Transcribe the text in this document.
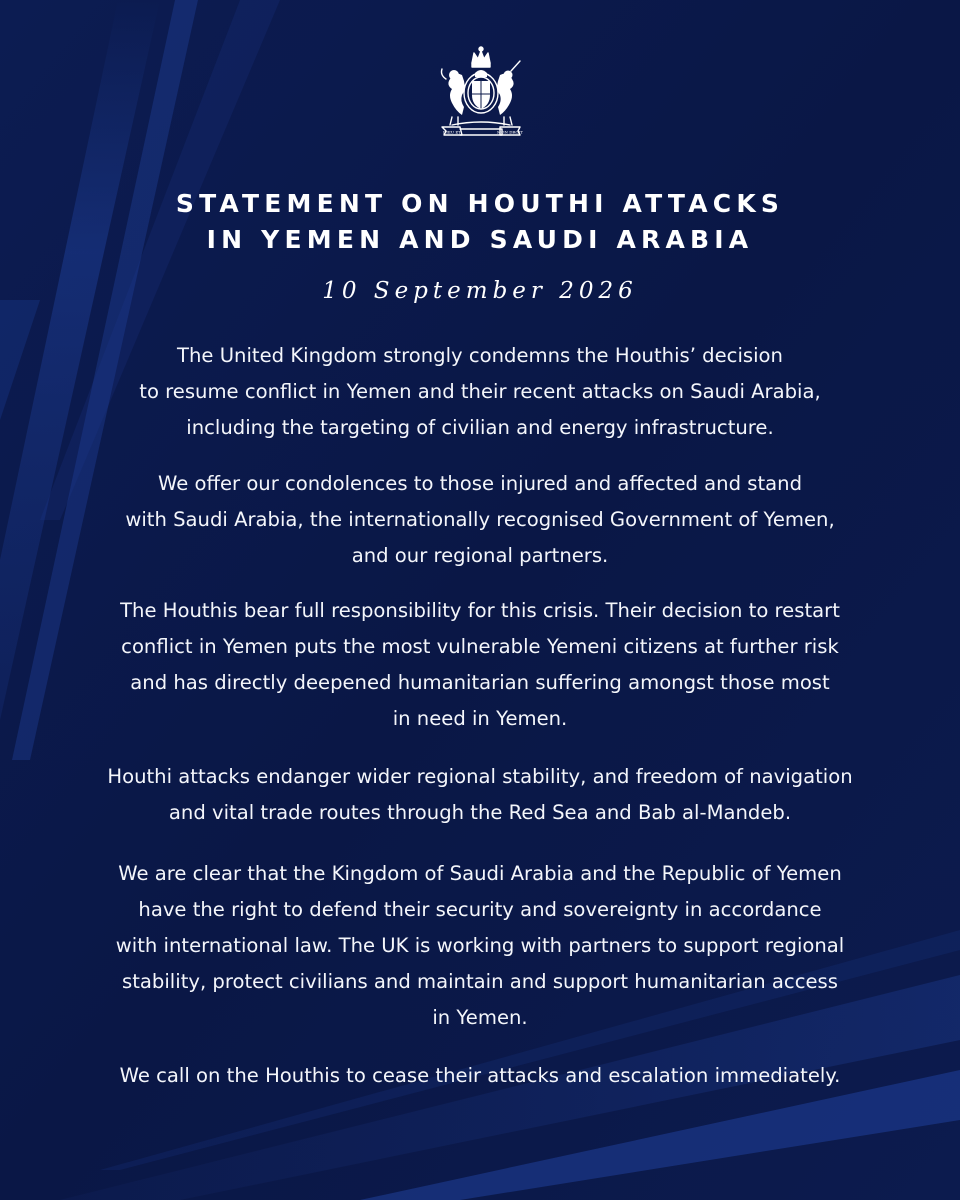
DIEU ET	MON DROIT
STATEMENT ON HOUTHI ATTACKS
IN YEMEN AND SAUDI ARABIA
10 September 2026

The United Kingdom strongly condemns the Houthis’ decision
to resume conflict in Yemen and their recent attacks on Saudi Arabia,
including the targeting of civilian and energy infrastructure.

We offer our condolences to those injured and affected and stand
with Saudi Arabia, the internationally recognised Government of Yemen,
and our regional partners.

The Houthis bear full responsibility for this crisis. Their decision to restart
conflict in Yemen puts the most vulnerable Yemeni citizens at further risk
and has directly deepened humanitarian suffering amongst those most
in need in Yemen.

Houthi attacks endanger wider regional stability, and freedom of navigation
and vital trade routes through the Red Sea and Bab al-Mandeb.

We are clear that the Kingdom of Saudi Arabia and the Republic of Yemen
have the right to defend their security and sovereignty in accordance
with international law. The UK is working with partners to support regional
stability, protect civilians and maintain and support humanitarian access
in Yemen.

We call on the Houthis to cease their attacks and escalation immediately.
